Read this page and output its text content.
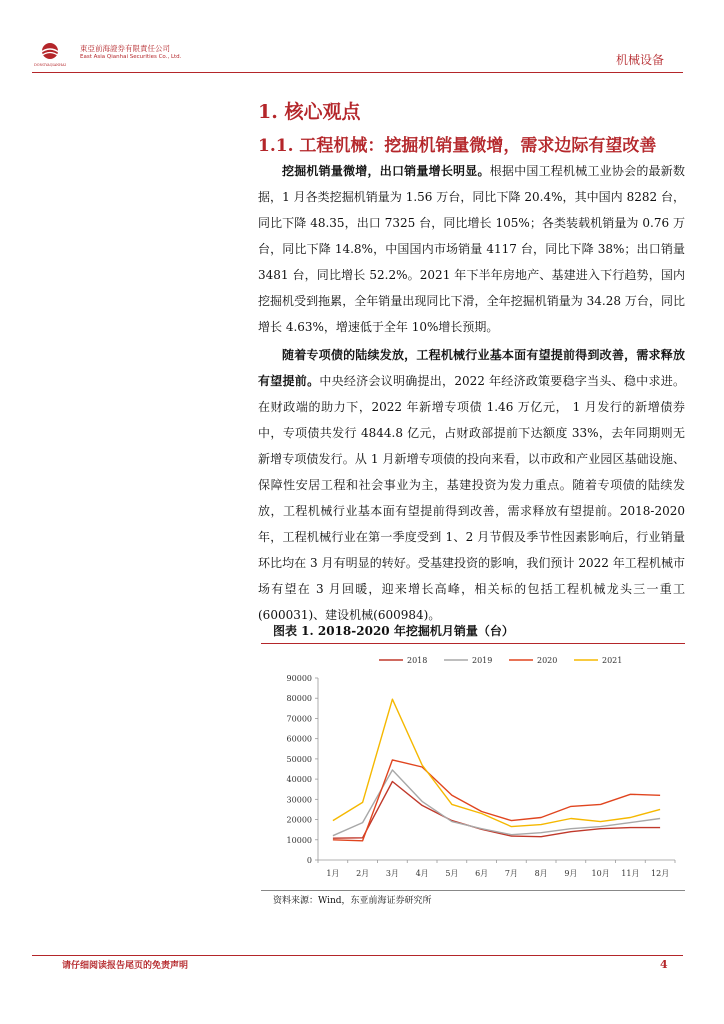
DONGYAQIANHAI
東亞前海證券有限責任公司
East Asia Qianhai Securities Co., Ltd.	机械设备
1. 核心观点
1.1. 工程机械：挖掘机销量微增，需求边际有望改善

挖掘机销量微增，出口销量增长明显。根据中国工程机械工业协会的最新数据，1 月各类挖掘机销量为 1.56 万台，同比下降 20.4%，其中国内 8282 台，同比下降 48.35，出口 7325 台，同比增长 105%；各类装载机销量为 0.76 万台，同比下降 14.8%，中国国内市场销量 4117 台，同比下降 38%；出口销量 3481 台，同比增长 52.2%。2021 年下半年房地产、基建进入下行趋势，国内挖掘机受到拖累，全年销量出现同比下滑，全年挖掘机销量为 34.28 万台，同比增长 4.63%，增速低于全年 10%增长预期。

随着专项债的陆续发放，工程机械行业基本面有望提前得到改善，需求释放有望提前。中央经济会议明确提出，2022 年经济政策要稳字当头、稳中求进。在财政端的助力下，2022 年新增专项债 1.46 万亿元， 1 月发行的新增债券中，专项债共发行 4844.8 亿元，占财政部提前下达额度 33%，去年同期则无新增专项债发行。从 1 月新增专项债的投向来看，以市政和产业园区基础设施、保障性安居工程和社会事业为主，基建投资为发力重点。随着专项债的陆续发放，工程机械行业基本面有望提前得到改善，需求释放有望提前。2018-2020 年，工程机械行业在第一季度受到 1、2 月节假及季节性因素影响后，行业销量环比均在 3 月有明显的转好。受基建投资的影响，我们预计 2022 年工程机械市场有望在 3 月回暖，迎来增长高峰，相关标的包括工程机械龙头三一重工(600031)、建设机械(600984)。

图表 1. 2018-2020 年挖掘机月销量（台）
2018	2019	2020	2021
0
10000
20000
30000
40000
50000
60000
70000
80000
90000
1月 2月 3月 4月 5月 6月 7月 8月 9月 10月 11月 12月
资料来源：Wind，东亚前海证券研究所
请仔细阅读报告尾页的免责声明	4
